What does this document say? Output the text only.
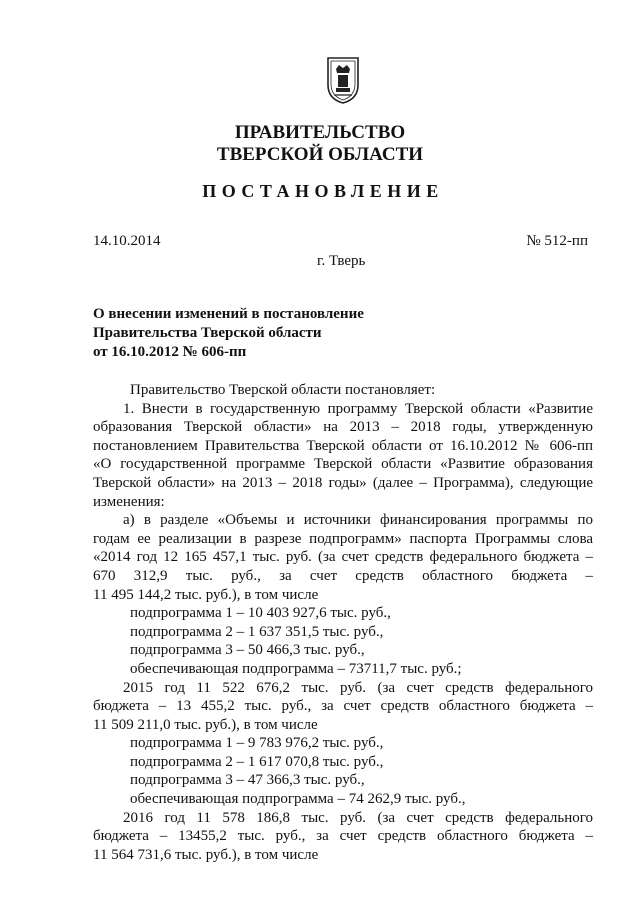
ПРАВИТЕЛЬСТВО
ТВЕРСКОЙ ОБЛАСТИ
ПОСТАНОВЛЕНИЕ
14.10.2014	№ 512-пп
г. Тверь
О внесении изменений в постановление
Правительства Тверской области
от 16.10.2012 № 606-пп
Правительство Тверской области постановляет:
1. Внести в государственную программу Тверской области «Развитие
образования Тверской области» на 2013 – 2018 годы, утвержденную
постановлением Правительства Тверской области от 16.10.2012 № 606-пп
«О государственной программе Тверской области «Развитие образования
Тверской области» на 2013 – 2018 годы» (далее – Программа), следующие
изменения:
а) в разделе «Объемы и источники финансирования программы по
годам ее реализации в разрезе подпрограмм» паспорта Программы слова
«2014 год 12 165 457,1 тыс. руб. (за счет средств федерального бюджета –
670 312,9 тыс. руб., за счет средств областного бюджета –
11 495 144,2 тыс. руб.), в том числе
подпрограмма 1 – 10 403 927,6 тыс. руб.,
подпрограмма 2 – 1 637 351,5 тыс. руб.,
подпрограмма 3 – 50 466,3 тыс. руб.,
обеспечивающая подпрограмма – 73711,7 тыс. руб.;
2015 год 11 522 676,2 тыс. руб. (за счет средств федерального
бюджета – 13 455,2 тыс. руб., за счет средств областного бюджета –
11 509 211,0 тыс. руб.), в том числе
подпрограмма 1 – 9 783 976,2 тыс. руб.,
подпрограмма 2 – 1 617 070,8 тыс. руб.,
подпрограмма 3 – 47 366,3 тыс. руб.,
обеспечивающая подпрограмма – 74 262,9 тыс. руб.,
2016 год 11 578 186,8 тыс. руб. (за счет средств федерального
бюджета – 13455,2 тыс. руб., за счет средств областного бюджета –
11 564 731,6 тыс. руб.), в том числе
